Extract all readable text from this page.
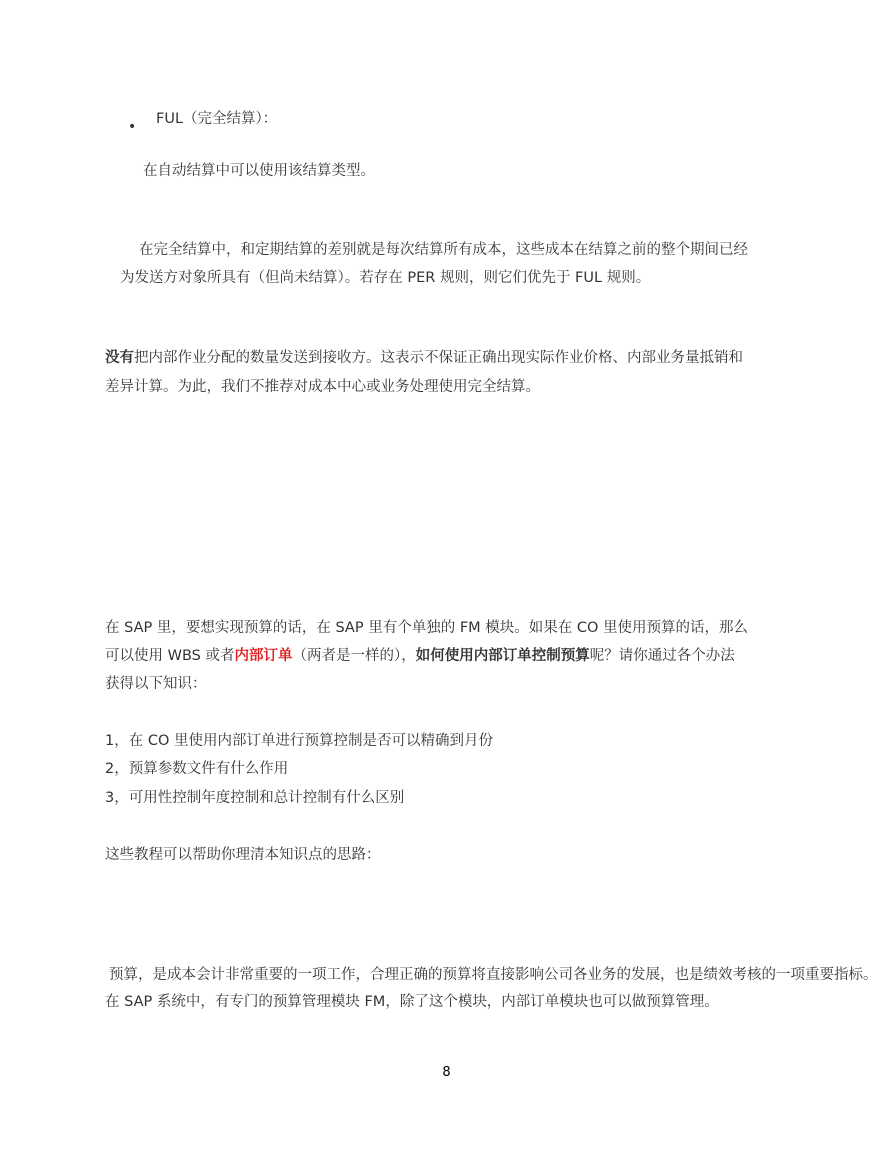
• FUL（完全结算）：
在自动结算中可以使用该结算类型。
在完全结算中，和定期结算的差别就是每次结算所有成本，这些成本在结算之前的整个期间已经
为发送方对象所具有（但尚未结算）。若存在 PER 规则，则它们优先于 FUL 规则。
没有把内部作业分配的数量发送到接收方。这表示不保证正确出现实际作业价格、内部业务量抵销和
差异计算。为此，我们不推荐对成本中心或业务处理使用完全结算。
在 SAP 里，要想实现预算的话，在 SAP 里有个单独的 FM 模块。如果在 CO 里使用预算的话，那么
可以使用 WBS 或者内部订单（两者是一样的），如何使用内部订单控制预算呢？请你通过各个办法
获得以下知识：
1，在 CO 里使用内部订单进行预算控制是否可以精确到月份
2，预算参数文件有什么作用
3，可用性控制年度控制和总计控制有什么区别
这些教程可以帮助你理清本知识点的思路：
预算，是成本会计非常重要的一项工作，合理正确的预算将直接影响公司各业务的发展，也是绩效考核的一项重要指标。
在 SAP 系统中，有专门的预算管理模块 FM，除了这个模块，内部订单模块也可以做预算管理。
8
